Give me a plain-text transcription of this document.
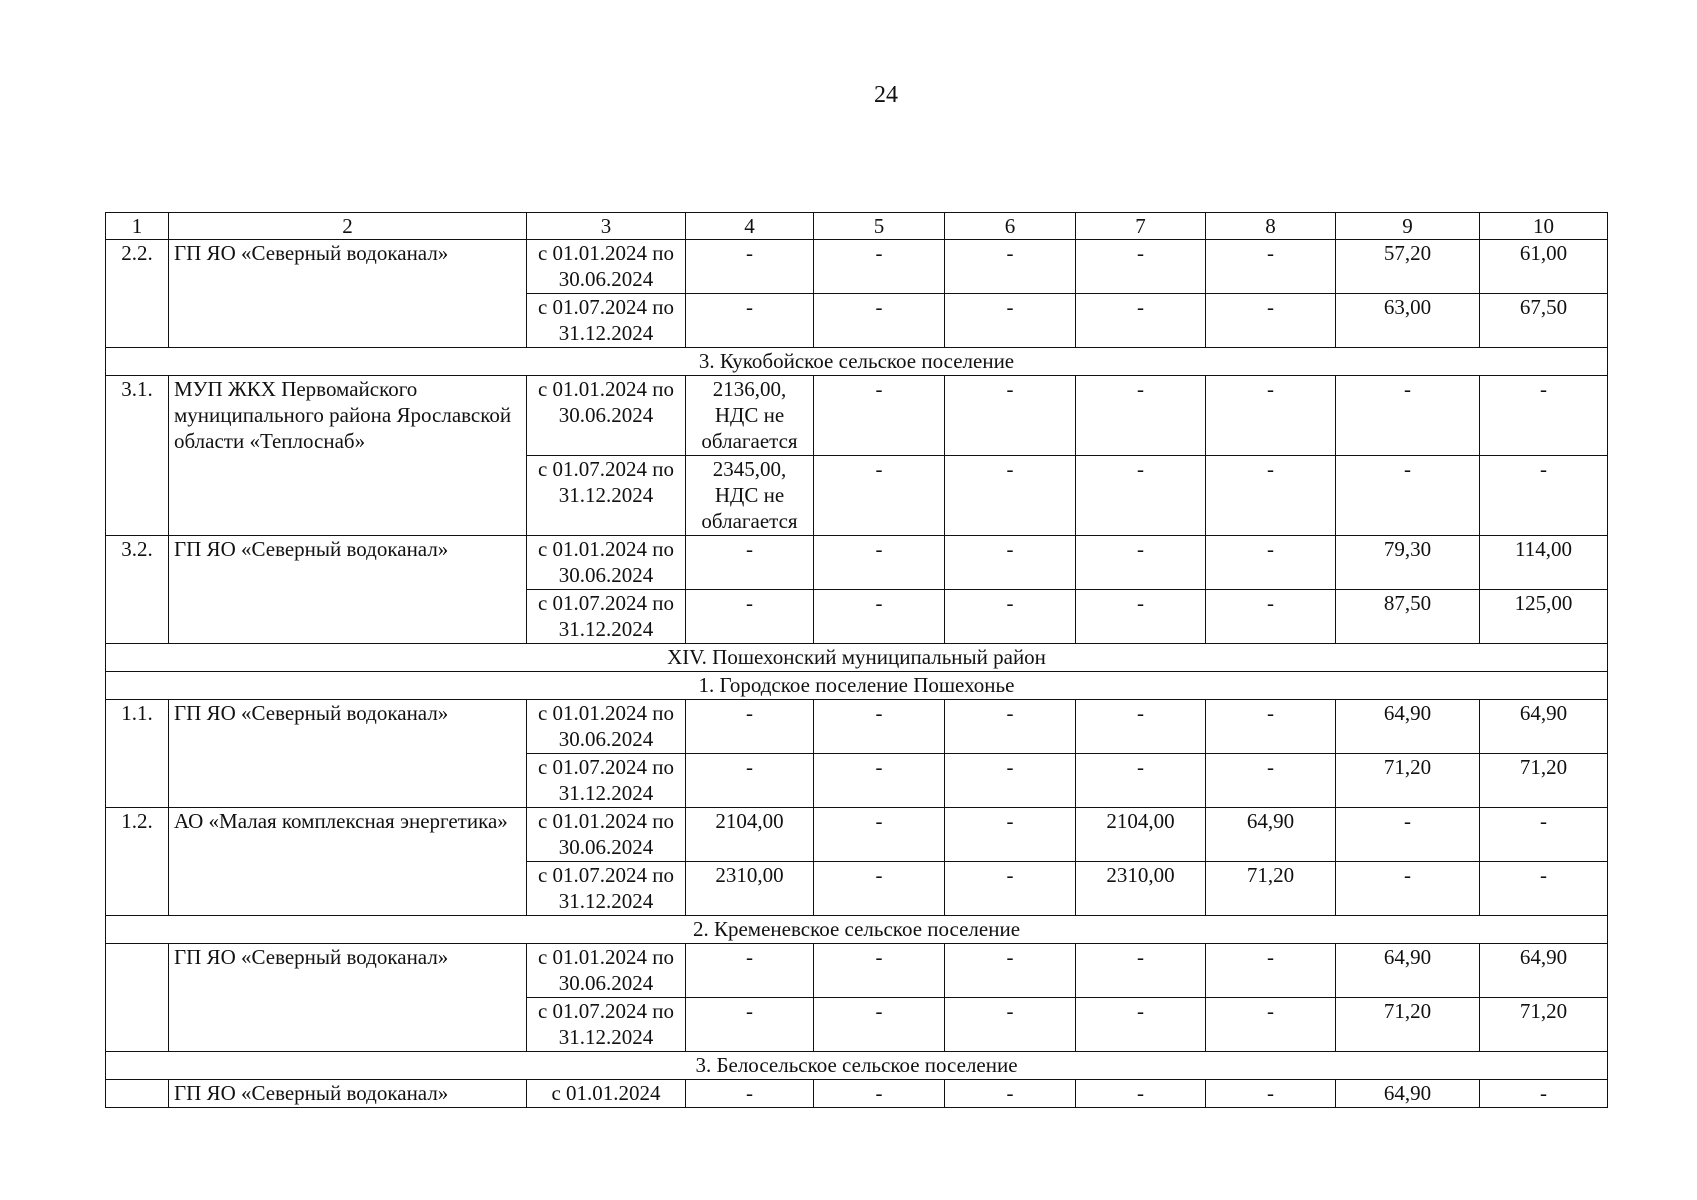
24
1	2	3	4	5	6	7	8	9	10
2.2.	ГП ЯО «Северный водоканал»	с 01.01.2024 по 30.06.2024	-	-	-	-	-	57,20	61,00
		с 01.07.2024 по 31.12.2024	-	-	-	-	-	63,00	67,50
3. Кукобойское сельское поселение									
3.1.	МУП ЖКХ Первомайского муниципального района Ярославской области «Теплоснаб»	с 01.01.2024 по 30.06.2024	2136,00, НДС не облагается	-	-	-	-	-	-
		с 01.07.2024 по 31.12.2024	2345,00, НДС не облагается	-	-	-	-	-	-
3.2.	ГП ЯО «Северный водоканал»	с 01.01.2024 по 30.06.2024	-	-	-	-	-	79,30	114,00
		с 01.07.2024 по 31.12.2024	-	-	-	-	-	87,50	125,00
XIV. Пошехонский муниципальный район									
1. Городское поселение Пошехонье									
1.1.	ГП ЯО «Северный водоканал»	с 01.01.2024 по 30.06.2024	-	-	-	-	-	64,90	64,90
		с 01.07.2024 по 31.12.2024	-	-	-	-	-	71,20	71,20
1.2.	АО «Малая комплексная энергетика»	с 01.01.2024 по 30.06.2024	2104,00	-	-	2104,00	64,90	-	-
		с 01.07.2024 по 31.12.2024	2310,00	-	-	2310,00	71,20	-	-
2. Кременевское сельское поселение									
	ГП ЯО «Северный водоканал»	с 01.01.2024 по 30.06.2024	-	-	-	-	-	64,90	64,90
		с 01.07.2024 по 31.12.2024	-	-	-	-	-	71,20	71,20
3. Белосельское сельское поселение									
	ГП ЯО «Северный водоканал»	с 01.01.2024	-	-	-	-	-	64,90	-
